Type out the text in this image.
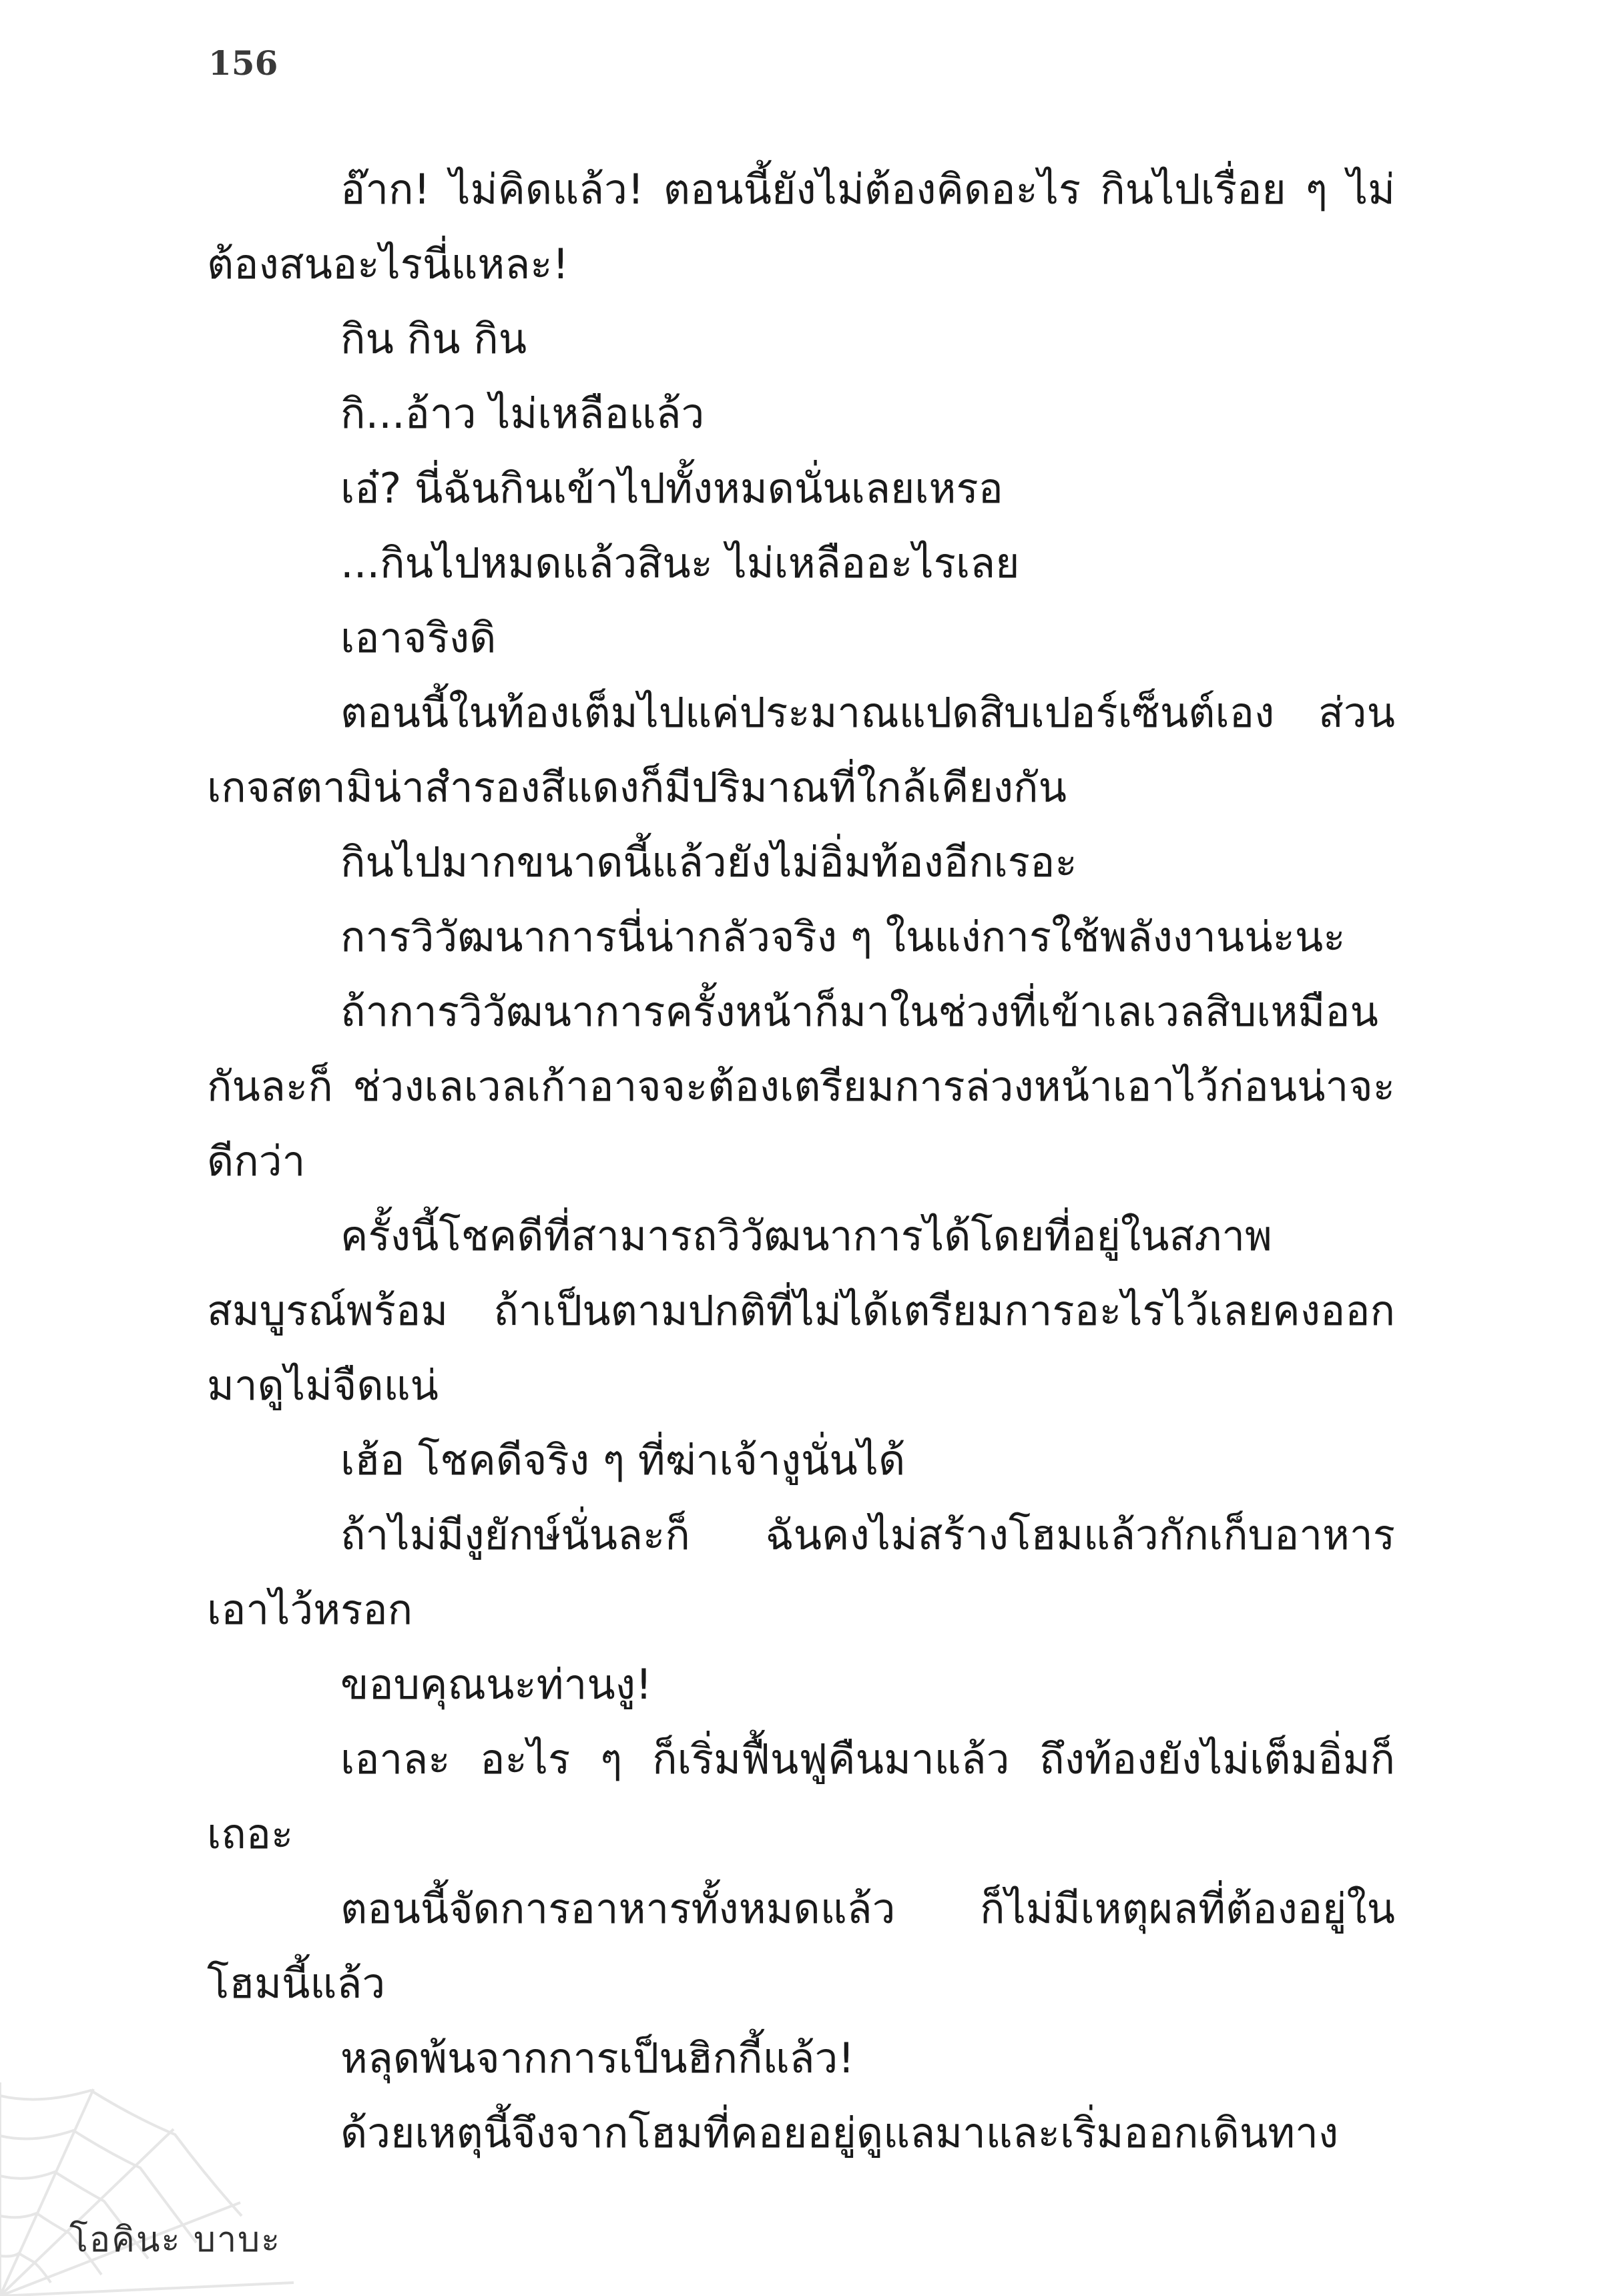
156

อ๊าก! ไม่คิดแล้ว! ตอนนี้ยังไม่ต้องคิดอะไร กินไปเรื่อย ๆ ไม่ต้องสนอะไรนี่แหละ!

กิน กิน กิน

กิ...อ้าว ไม่เหลือแล้ว

เอ๋? นี่ฉันกินเข้าไปทั้งหมดนั่นเลยเหรอ

...กินไปหมดแล้วสินะ ไม่เหลืออะไรเลย

เอาจริงดิ

ตอนนี้ในท้องเต็มไปแค่ประมาณแปดสิบเปอร์เซ็นต์เอง ส่วนเกจสตามิน่าสำรองสีแดงก็มีปริมาณที่ใกล้เคียงกัน

กินไปมากขนาดนี้แล้วยังไม่อิ่มท้องอีกเรอะ

การวิวัฒนาการนี่น่ากลัวจริง ๆ ในแง่การใช้พลังงานน่ะนะ

ถ้าการวิวัฒนาการครั้งหน้าก็มาในช่วงที่เข้าเลเวลสิบเหมือนกันละก็ ช่วงเลเวลเก้าอาจจะต้องเตรียมการล่วงหน้าเอาไว้ก่อนน่าจะดีกว่า

ครั้งนี้โชคดีที่สามารถวิวัฒนาการได้โดยที่อยู่ในสภาพสมบูรณ์พร้อม ถ้าเป็นตามปกติที่ไม่ได้เตรียมการอะไรไว้เลยคงออกมาดูไม่จืดแน่

เฮ้อ โชคดีจริง ๆ ที่ฆ่าเจ้างูนั่นได้

ถ้าไม่มีงูยักษ์นั่นละก็ ฉันคงไม่สร้างโฮมแล้วกักเก็บอาหารเอาไว้หรอก

ขอบคุณนะท่านงู!

เอาละ อะไร ๆ ก็เริ่มฟื้นฟูคืนมาแล้ว ถึงท้องยังไม่เต็มอิ่มก็เถอะ

ตอนนี้จัดการอาหารทั้งหมดแล้ว ก็ไม่มีเหตุผลที่ต้องอยู่ในโฮมนี้แล้ว

หลุดพ้นจากการเป็นฮิกกี้แล้ว!

ด้วยเหตุนี้จึงจากโฮมที่คอยอยู่ดูแลมาและเริ่มออกเดินทาง

โอคินะ บาบะ
